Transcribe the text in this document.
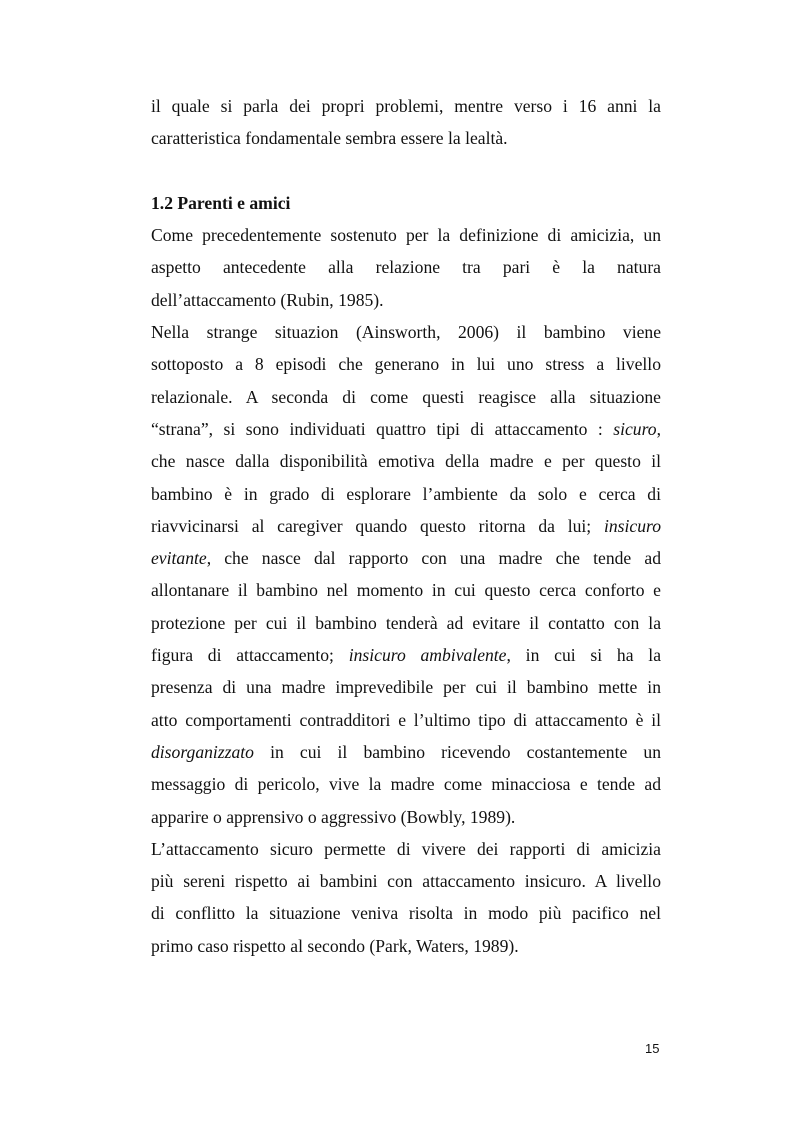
il quale si parla dei propri problemi, mentre verso i 16 anni la
caratteristica fondamentale sembra essere la lealtà.
1.2 Parenti e amici
Come precedentemente sostenuto per la definizione di amicizia, un
aspetto antecedente alla relazione tra pari è la natura
dell’attaccamento (Rubin, 1985).
Nella strange situazion (Ainsworth, 2006) il bambino viene
sottoposto a 8 episodi che generano in lui uno stress a livello
relazionale. A seconda di come questi reagisce alla situazione
“strana”, si sono individuati quattro tipi di attaccamento : sicuro,
che nasce dalla disponibilità emotiva della madre e per questo il
bambino è in grado di esplorare l’ambiente da solo e cerca di
riavvicinarsi al caregiver quando questo ritorna da lui; insicuro
evitante, che nasce dal rapporto con una madre che tende ad
allontanare il bambino nel momento in cui questo cerca conforto e
protezione per cui il bambino tenderà ad evitare il contatto con la
figura di attaccamento; insicuro ambivalente, in cui si ha la
presenza di una madre imprevedibile per cui il bambino mette in
atto comportamenti contradditori e l’ultimo tipo di attaccamento è il
disorganizzato in cui il bambino ricevendo costantemente un
messaggio di pericolo, vive la madre come minacciosa e tende ad
apparire o apprensivo o aggressivo (Bowbly, 1989).
L’attaccamento sicuro permette di vivere dei rapporti di amicizia
più sereni rispetto ai bambini con attaccamento insicuro. A livello
di conflitto la situazione veniva risolta in modo più pacifico nel
primo caso rispetto al secondo (Park, Waters, 1989).
15
